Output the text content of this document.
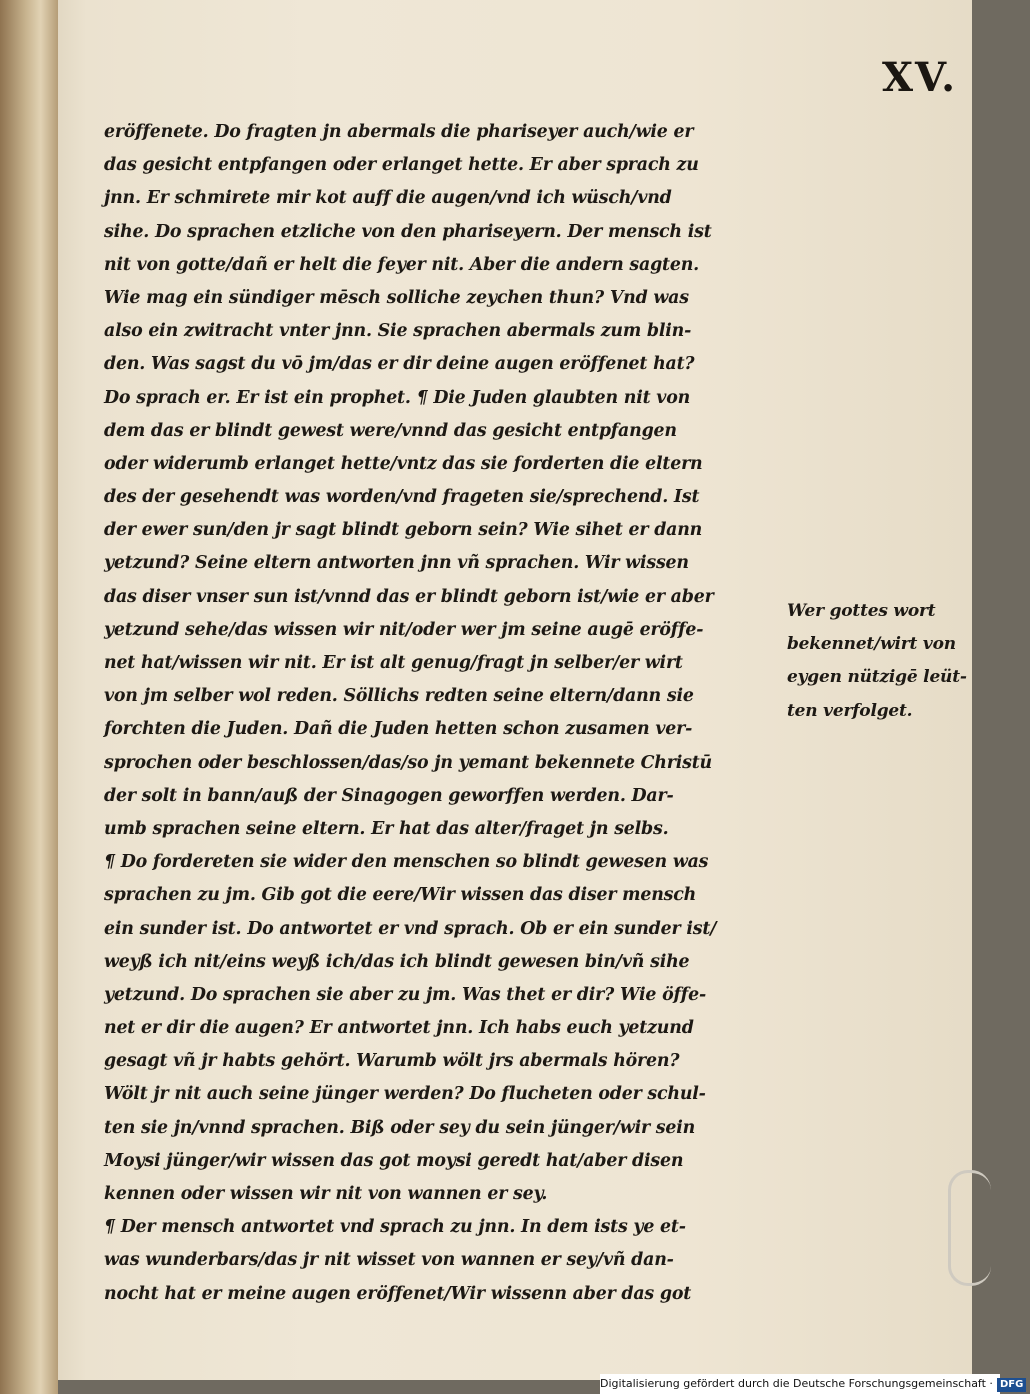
XV.
eröffenete. Do fragten jn abermals die phariseyer auch/wie er
das gesicht entpfangen oder erlanget hette. Er aber sprach zu
jnn. Er schmirete mir kot auff die augen/vnd ich wüsch/vnd
sihe. Do sprachen etzliche von den phariseyern. Der mensch ist
nit von gotte/dañ er helt die feyer nit. Aber die andern sagten.
Wie mag ein sündiger mēsch solliche zeychen thun? Vnd was
also ein zwitracht vnter jnn. Sie sprachen abermals zum blin-
den. Was sagst du vō jm/das er dir deine augen eröffenet hat?
Do sprach er. Er ist ein prophet. ¶ Die Juden glaubten nit von
dem das er blindt gewest were/vnnd das gesicht entpfangen
oder widerumb erlanget hette/vntz das sie forderten die eltern
des der gesehendt was worden/vnd frageten sie/sprechend. Ist
der ewer sun/den jr sagt blindt geborn sein? Wie sihet er dann
yetzund? Seine eltern antworten jnn vñ sprachen. Wir wissen
das diser vnser sun ist/vnnd das er blindt geborn ist/wie er aber
yetzund sehe/das wissen wir nit/oder wer jm seine augē eröffe-
net hat/wissen wir nit. Er ist alt genug/fragt jn selber/er wirt
von jm selber wol reden. Söllichs redten seine eltern/dann sie
forchten die Juden. Dañ die Juden hetten schon zusamen ver-
sprochen oder beschlossen/das/so jn yemant bekennete Christū
der solt in bann/auß der Sinagogen geworffen werden. Dar-
umb sprachen seine eltern. Er hat das alter/fraget jn selbs.
¶ Do fordereten sie wider den menschen so blindt gewesen was
sprachen zu jm. Gib got die eere/Wir wissen das diser mensch
ein sunder ist. Do antwortet er vnd sprach. Ob er ein sunder ist/
weyß ich nit/eins weyß ich/das ich blindt gewesen bin/vñ sihe
yetzund. Do sprachen sie aber zu jm. Was thet er dir? Wie öffe-
net er dir die augen? Er antwortet jnn. Ich habs euch yetzund
gesagt vñ jr habts gehört. Warumb wölt jrs abermals hören?
Wölt jr nit auch seine jünger werden? Do flucheten oder schul-
ten sie jn/vnnd sprachen. Biß oder sey du sein jünger/wir sein
Moysi jünger/wir wissen das got moysi geredt hat/aber disen
kennen oder wissen wir nit von wannen er sey.
¶ Der mensch antwortet vnd sprach zu jnn. In dem ists ye et-
was wunderbars/das jr nit wisset von wannen er sey/vñ dan-
nocht hat er meine augen eröffenet/Wir wissenn aber das got
Wer gottes wort
bekennet/wirt von
eygen nützigē leüt-
ten verfolget.
Digitalisierung gefördert durch die Deutsche Forschungsgemeinschaft · DFG
